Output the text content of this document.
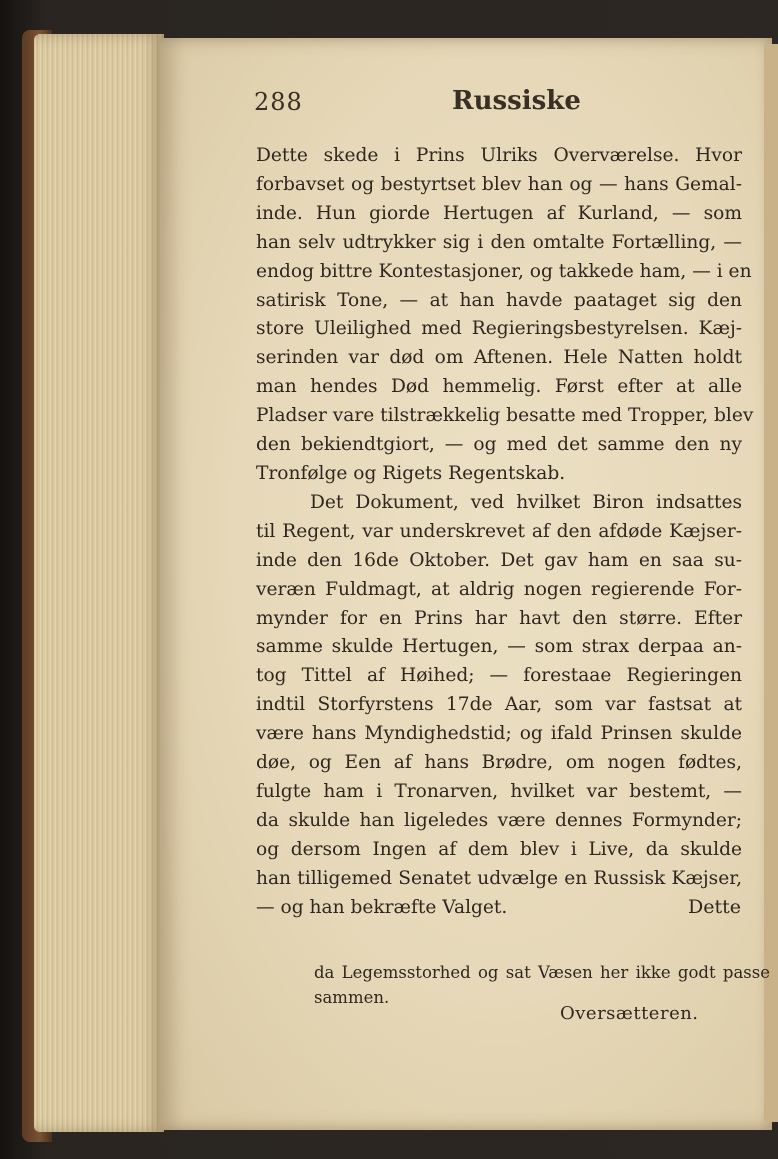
288	Russiske
Dette skede i Prins Ulriks Overværelse. Hvor
forbavset og bestyrtset blev han og — hans Gemal-
inde. Hun giorde Hertugen af Kurland, — som
han selv udtrykker sig i den omtalte Fortælling, —
endog bittre Kontestasjoner, og takkede ham, — i en
satirisk Tone, — at han havde paataget sig den
store Uleilighed med Regieringsbestyrelsen. Kæj-
serinden var død om Aftenen. Hele Natten holdt
man hendes Død hemmelig. Først efter at alle
Pladser vare tilstrækkelig besatte med Tropper, blev
den bekiendtgiort, — og med det samme den ny
Tronfølge og Rigets Regentskab.
Det Dokument, ved hvilket Biron indsattes
til Regent, var underskrevet af den afdøde Kæjser-
inde den 16de Oktober. Det gav ham en saa su-
veræn Fuldmagt, at aldrig nogen regierende For-
mynder for en Prins har havt den større. Efter
samme skulde Hertugen, — som strax derpaa an-
tog Tittel af Høihed; — forestaae Regieringen
indtil Storfyrstens 17de Aar, som var fastsat at
være hans Myndighedstid; og ifald Prinsen skulde
døe, og Een af hans Brødre, om nogen fødtes,
fulgte ham i Tronarven, hvilket var bestemt, —
da skulde han ligeledes være dennes Formynder;
og dersom Ingen af dem blev i Live, da skulde
han tilligemed Senatet udvælge en Russisk Kæjser,
— og han bekræfte Valget.	Dette
da Legemsstorhed og sat Væsen her ikke godt passe
sammen.
Oversætteren.
